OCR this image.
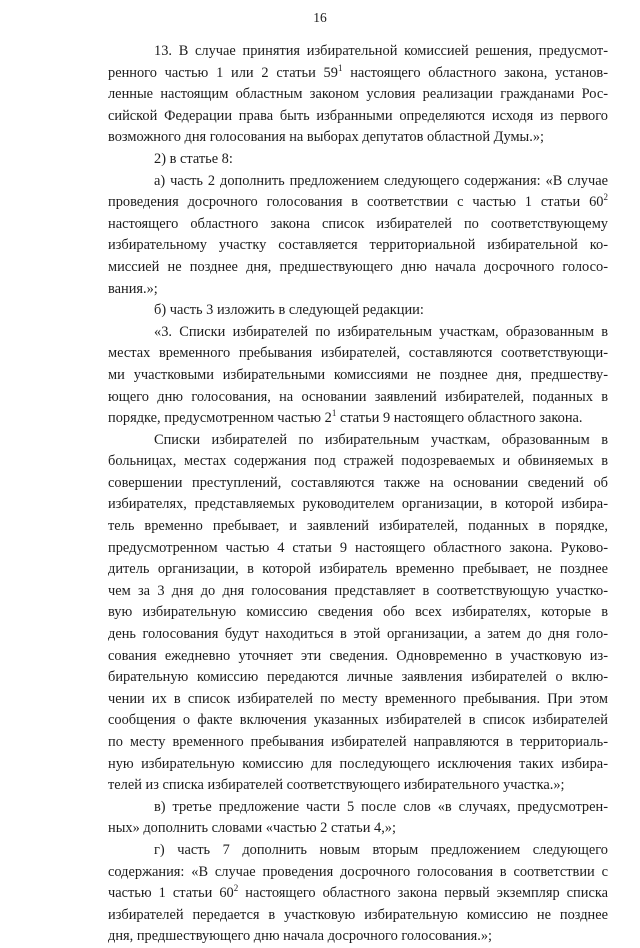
16
13. В случае принятия избирательной комиссией решения, предусмот-
ренного частью 1 или 2 статьи $59^1$ настоящего областного закона, установ-
ленные настоящим областным законом условия реализации гражданами Рос-
сийской Федерации права быть избранными определяются исходя из первого
возможного дня голосования на выборах депутатов областной Думы.»;
2) в статье 8:
а) часть 2 дополнить предложением следующего содержания: «В случае
проведения досрочного голосования в соответствии с частью 1 статьи $60^2$
настоящего областного закона список избирателей по соответствующему
избирательному участку составляется территориальной избирательной ко-
миссией не позднее дня, предшествующего дню начала досрочного голосо-
вания.»;
б) часть 3 изложить в следующей редакции:
«3. Списки избирателей по избирательным участкам, образованным в
местах временного пребывания избирателей, составляются соответствующи-
ми участковыми избирательными комиссиями не позднее дня, предшеству-
ющего дню голосования, на основании заявлений избирателей, поданных в
порядке, предусмотренном частью $2^1$ статьи 9 настоящего областного закона.
Списки избирателей по избирательным участкам, образованным в
больницах, местах содержания под стражей подозреваемых и обвиняемых в
совершении преступлений, составляются также на основании сведений об
избирателях, представляемых руководителем организации, в которой избира-
тель временно пребывает, и заявлений избирателей, поданных в порядке,
предусмотренном частью 4 статьи 9 настоящего областного закона. Руково-
дитель организации, в которой избиратель временно пребывает, не позднее
чем за 3 дня до дня голосования представляет в соответствующую участко-
вую избирательную комиссию сведения обо всех избирателях, которые в
день голосования будут находиться в этой организации, а затем до дня голо-
сования ежедневно уточняет эти сведения. Одновременно в участковую из-
бирательную комиссию передаются личные заявления избирателей о вклю-
чении их в список избирателей по месту временного пребывания. При этом
сообщения о факте включения указанных избирателей в список избирателей
по месту временного пребывания избирателей направляются в территориаль-
ную избирательную комиссию для последующего исключения таких избира-
телей из списка избирателей соответствующего избирательного участка.»;
в) третье предложение части 5 после слов «в случаях, предусмотрен-
ных» дополнить словами «частью 2 статьи 4,»;
г) часть 7 дополнить новым вторым предложением следующего
содержания: «В случае проведения досрочного голосования в соответствии с
частью 1 статьи $60^2$ настоящего областного закона первый экземпляр списка
избирателей передается в участковую избирательную комиссию не позднее
дня, предшествующего дню начала досрочного голосования.»;
